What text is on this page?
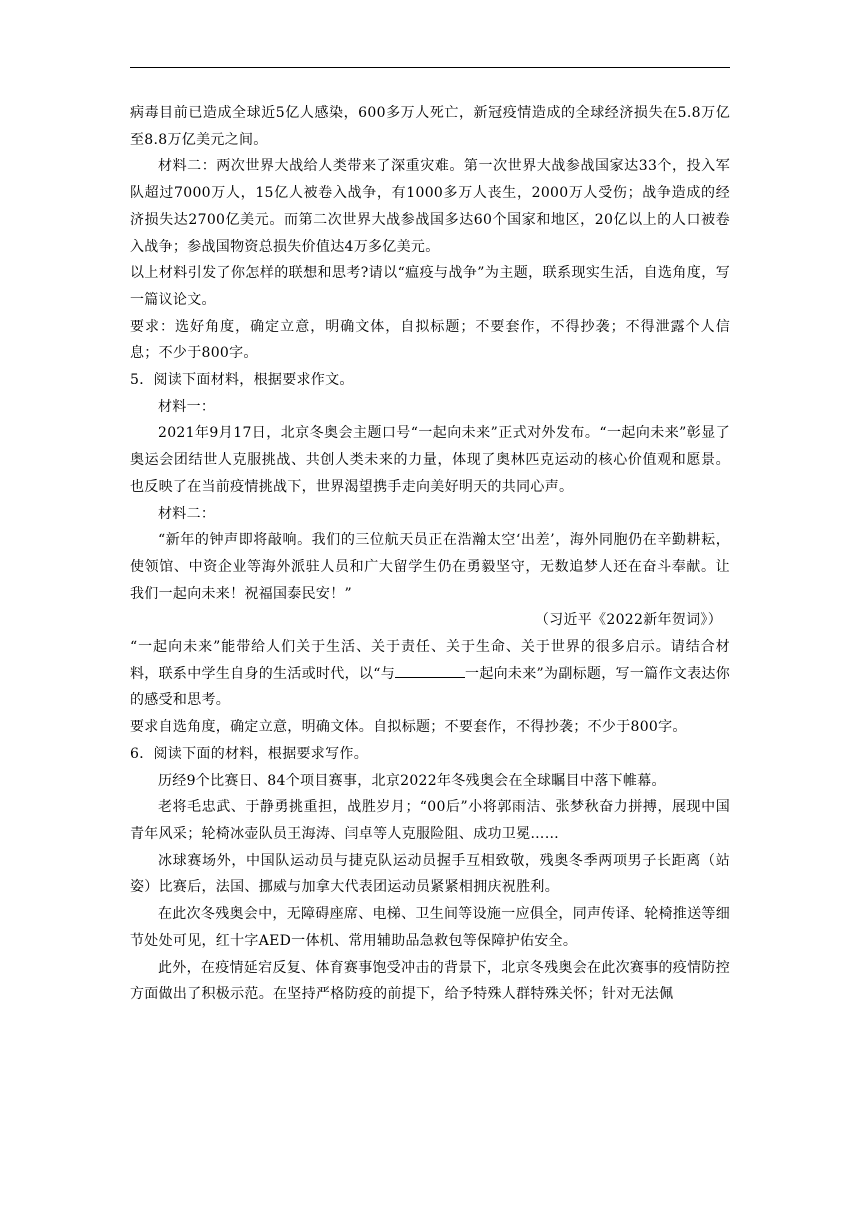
病毒目前已造成全球近5亿人感染，600多万人死亡，新冠疫情造成的全球经济损失在5.8万亿至8.8万亿美元之间。

材料二：两次世界大战给人类带来了深重灾难。第一次世界大战参战国家达33个，投入军队超过7000万人，15亿人被卷入战争，有1000多万人丧生，2000万人受伤；战争造成的经济损失达2700亿美元。而第二次世界大战参战国多达60个国家和地区，20亿以上的人口被卷入战争；参战国物资总损失价值达4万多亿美元。

以上材料引发了你怎样的联想和思考?请以“瘟疫与战争”为主题，联系现实生活，自选角度，写一篇议论文。

要求：选好角度，确定立意，明确文体，自拟标题；不要套作，不得抄袭；不得泄露个人信息；不少于800字。

5．阅读下面材料，根据要求作文。

材料一：

2021年9月17日，北京冬奥会主题口号“一起向未来”正式对外发布。“一起向未来”彰显了奥运会团结世人克服挑战、共创人类未来的力量，体现了奥林匹克运动的核心价值观和愿景。也反映了在当前疫情挑战下，世界渴望携手走向美好明天的共同心声。

材料二：

“新年的钟声即将敲响。我们的三位航天员正在浩瀚太空‘出差’，海外同胞仍在辛勤耕耘，使领馆、中资企业等海外派驻人员和广大留学生仍在勇毅坚守，无数追梦人还在奋斗奉献。让我们一起向未来！祝福国泰民安！”

（习近平《2022新年贺词》）

“一起向未来”能带给人们关于生活、关于责任、关于生命、关于世界的很多启示。请结合材料，联系中学生自身的生活或时代，以“与	一起向未来”为副标题，写一篇作文表达你的感受和思考。

要求自选角度，确定立意，明确文体。自拟标题；不要套作，不得抄袭；不少于800字。

6．阅读下面的材料，根据要求写作。

历经9个比赛日、84个项目赛事，北京2022年冬残奥会在全球瞩目中落下帷幕。

老将毛忠武、于静勇挑重担，战胜岁月；“00后”小将郭雨洁、张梦秋奋力拼搏，展现中国青年风采；轮椅冰壶队员王海涛、闫卓等人克服险阻、成功卫冕……

冰球赛场外，中国队运动员与捷克队运动员握手互相致敬，残奥冬季两项男子长距离（站姿）比赛后，法国、挪威与加拿大代表团运动员紧紧相拥庆祝胜利。

在此次冬残奥会中，无障碍座席、电梯、卫生间等设施一应俱全，同声传译、轮椅推送等细节处处可见，红十字AED一体机、常用辅助品急救包等保障护佑安全。

此外，在疫情延宕反复、体育赛事饱受冲击的背景下，北京冬残奥会在此次赛事的疫情防控方面做出了积极示范。在坚持严格防疫的前提下，给予特殊人群特殊关怀；针对无法佩
